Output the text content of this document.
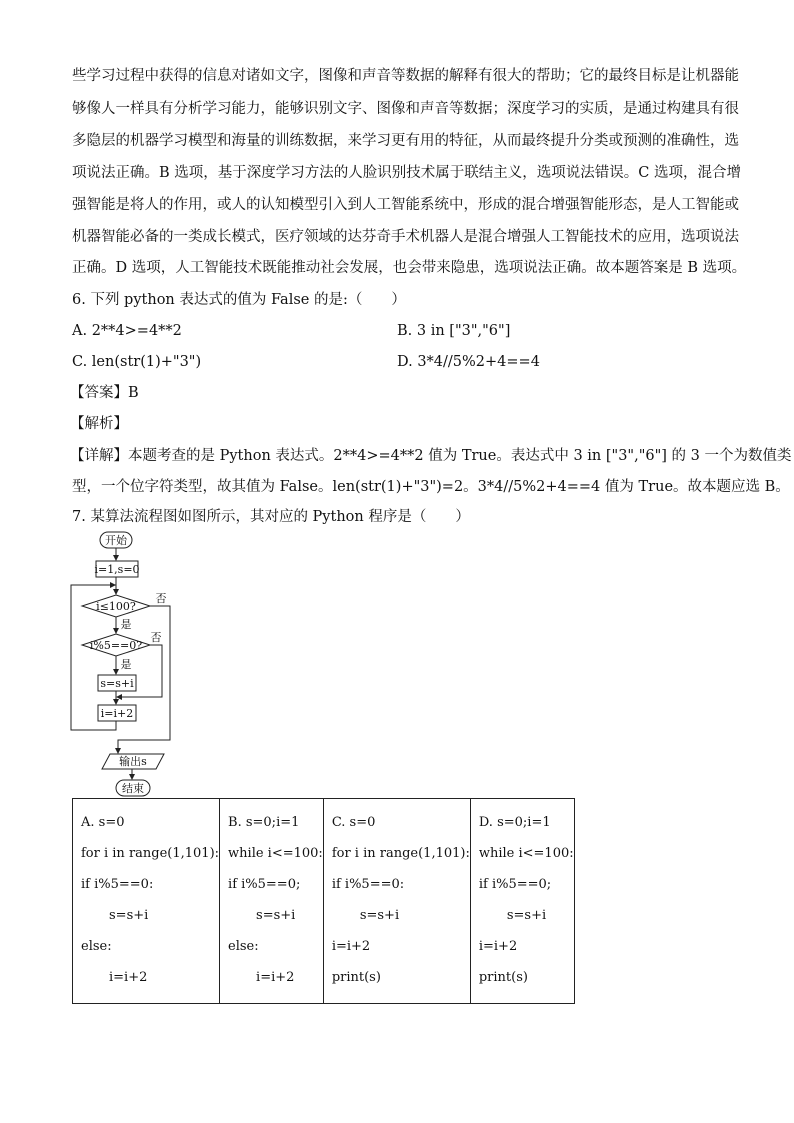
些学习过程中获得的信息对诸如文字，图像和声音等数据的解释有很大的帮助；它的最终目标是让机器能
够像人一样具有分析学习能力，能够识别文字、图像和声音等数据；深度学习的实质，是通过构建具有很
多隐层的机器学习模型和海量的训练数据，来学习更有用的特征，从而最终提升分类或预测的准确性，选
项说法正确。B 选项，基于深度学习方法的人脸识别技术属于联结主义，选项说法错误。C 选项，混合增
强智能是将人的作用，或人的认知模型引入到人工智能系统中，形成的混合增强智能形态，是人工智能或
机器智能必备的一类成长模式，医疗领域的达芬奇手术机器人是混合增强人工智能技术的应用，选项说法
正确。D 选项，人工智能技术既能推动社会发展，也会带来隐患，选项说法正确。故本题答案是 B 选项。
6. 下列 python 表达式的值为 False 的是:（　　）
A. 2**4>=4**2	B. 3 in ["3","6"]
C. len(str(1)+"3")	D. 3*4//5%2+4==4
【答案】B
【解析】
【详解】本题考查的是 Python 表达式。2**4>=4**2 值为 True。表达式中 3 in ["3","6"] 的 3 一个为数值类
型，一个位字符类型，故其值为 False。len(str(1)+"3")=2。3*4//5%2+4==4 值为 True。故本题应选 B。
7. 某算法流程图如图所示，其对应的 Python 程序是（　　）
开始
i=1,s=0
i≤100?
否
是
i%5==0?
否
是
s=s+i
i=i+2
输出s
结束
A. s=0
for i in range(1,101):
if i%5==0:
s=s+i
else:
i=i+2

B. s=0;i=1
while i<=100:
if i%5==0;
s=s+i
else:
i=i+2

C. s=0
for i in range(1,101):
if i%5==0:
s=s+i
i=i+2
print(s)

D. s=0;i=1
while i<=100:
if i%5==0;
s=s+i
i=i+2
print(s)
